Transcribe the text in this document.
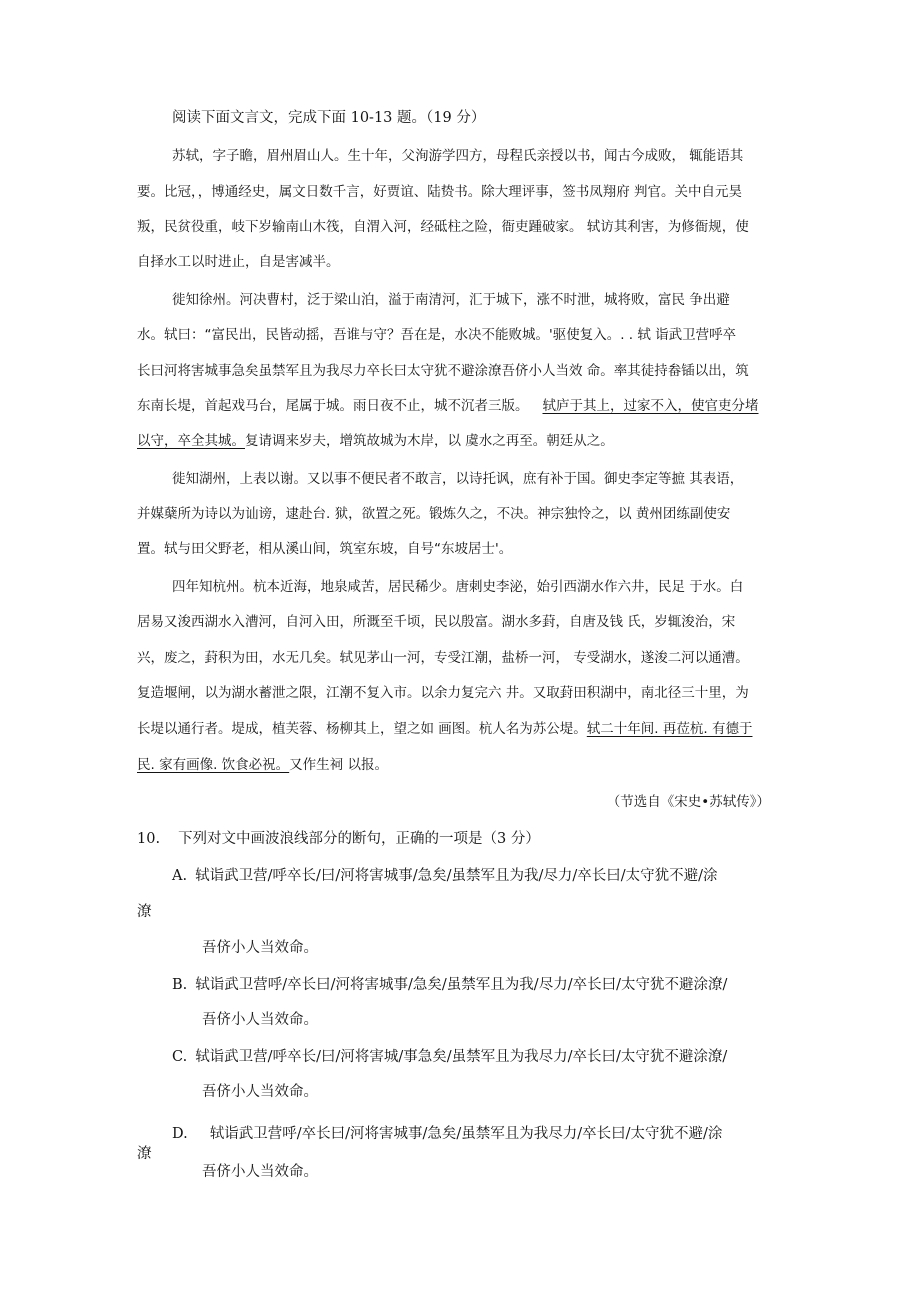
阅读下面文言文，完成下面 10-13 题。（19 分）
苏轼，字子瞻，眉州眉山人。生十年，父洵游学四方，母程氏亲授以书，闻古今成败， 辄能语其
要。比冠，，博通经史，属文日数千言，好贾谊、陆贽书。除大理评事，签书凤翔府 判官。关中自元昊
叛，民贫役重，岐下岁输南山木筏，自渭入河，经砥柱之险，衙吏踵破家。 轼访其利害，为修衙规，使
自择水工以时进止，自是害减半。
徙知徐州。河决曹村，泛于梁山泊，溢于南清河，汇于城下，涨不时泄，城将败，富民 争出避
水。轼曰：“富民出，民皆动摇，吾谁与守？吾在是，水决不能败城。'驱使复入。. . 轼 诣武卫营呼卒
长曰河将害城事急矣虽禁军且为我尽力卒长曰太守犹不避涂潦吾侪小人当效 命。率其徒持畚锸以出，筑
东南长堤，首起戏马台，尾属于城。雨日夜不止，城不沉者三版。 轼庐于其上，过家不入，使官吏分堵
以守，卒全其城。复请调来岁夫，增筑故城为木岸，以 虞水之再至。朝廷从之。
徙知湖州，上表以谢。又以事不便民者不敢言，以诗托讽，庶有补于国。御史李定等摭 其表语，
并媒蘖所为诗以为讪谤，逮赴台. 狱，欲置之死。锻炼久之，不决。神宗独怜之，以 黄州团练副使安
置。轼与田父野老，相从溪山间，筑室东坡，自号“东坡居士'。
四年知杭州。杭本近海，地泉咸苦，居民稀少。唐刺史李泌，始引西湖水作六井，民足 于水。白
居易又浚西湖水入漕河，自河入田，所溉至千顷，民以殷富。湖水多葑，自唐及钱 氏，岁辄浚治，宋
兴，废之，葑积为田，水无几矣。轼见茅山一河，专受江潮，盐桥一河， 专受湖水，遂浚二河以通漕。
复造堰闸，以为湖水蓄泄之限，江潮不复入市。以余力复完六 井。又取葑田积湖中，南北径三十里，为
长堤以通行者。堤成，植芙蓉、杨柳其上，望之如 画图。杭人名为苏公堤。轼二十年间. 再莅杭. 有德于
民. 家有画像. 饮食必祝。又作生祠 以报。
（节选自《宋史•苏轼传》）
10. 下列对文中画波浪线部分的断句，正确的一项是（3 分）
A. 轼诣武卫营/呼卒长/曰/河将害城事/急矣/虽禁军且为我/尽力/卒长曰/太守犹不避/涂
潦
吾侪小人当效命。
B. 轼诣武卫营呼/卒长曰/河将害城事/急矣/虽禁军且为我/尽力/卒长曰/太守犹不避涂潦/
吾侪小人当效命。
C. 轼诣武卫营/呼卒长/曰/河将害城/事急矣/虽禁军且为我尽力/卒长曰/太守犹不避涂潦/
吾侪小人当效命。
D. 轼诣武卫营呼/卒长曰/河将害城事/急矣/虽禁军且为我尽力/卒长曰/太守犹不避/涂
潦
吾侪小人当效命。
